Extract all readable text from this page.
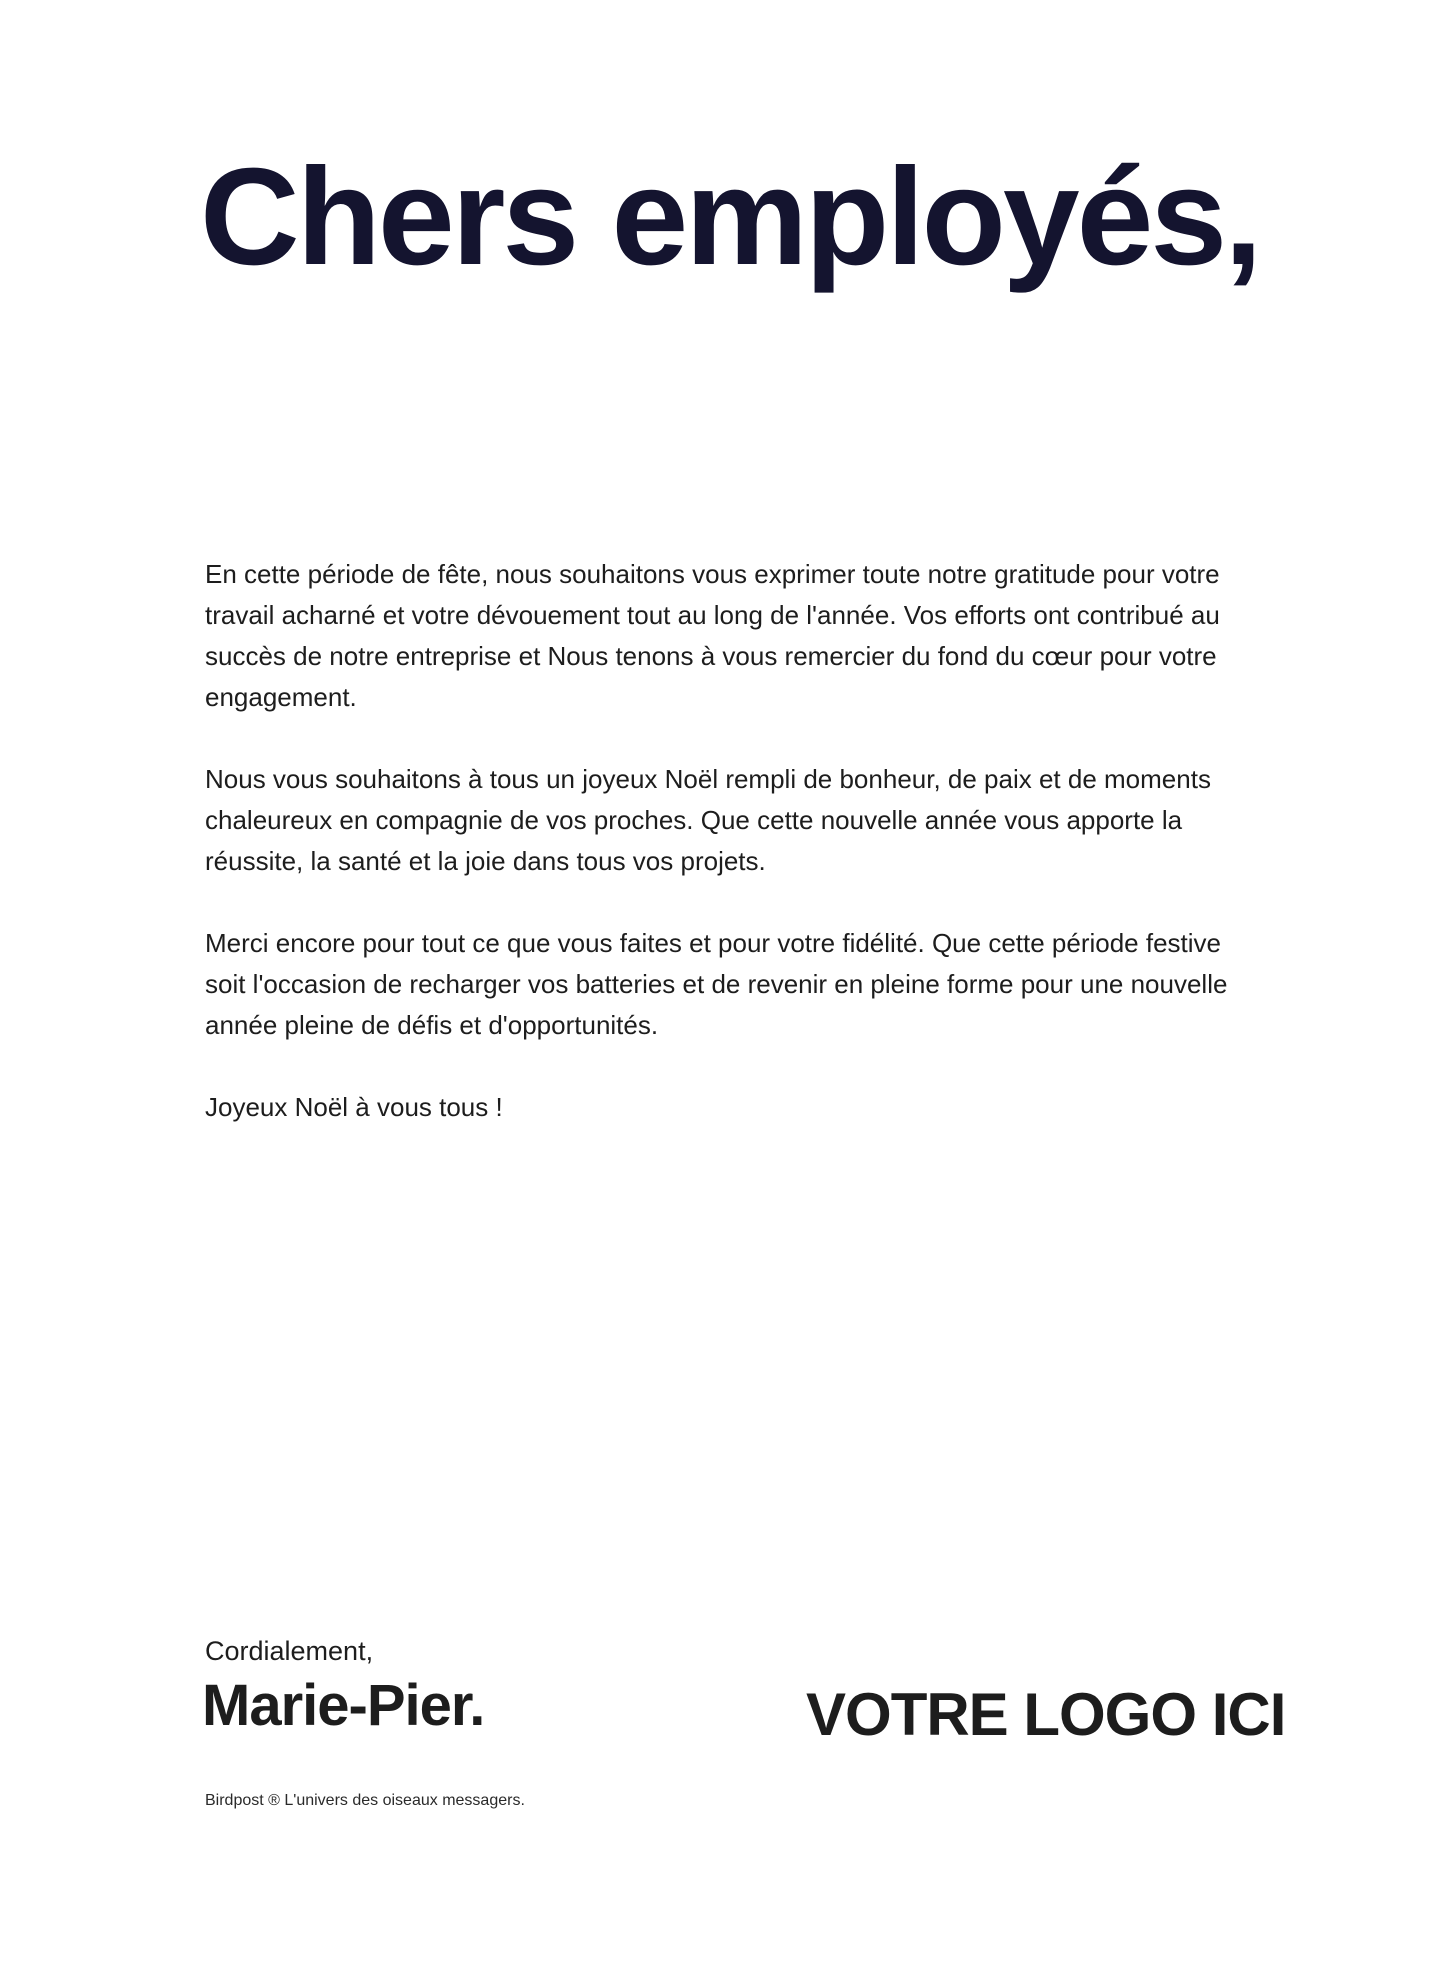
Chers employés,

En cette période de fête, nous souhaitons vous exprimer toute notre gratitude pour votre travail acharné et votre dévouement tout au long de l'année. Vos efforts ont contribué au succès de notre entreprise et Nous tenons à vous remercier du fond du cœur pour votre engagement.

Nous vous souhaitons à tous un joyeux Noël rempli de bonheur, de paix et de moments chaleureux en compagnie de vos proches. Que cette nouvelle année vous apporte la réussite, la santé et la joie dans tous vos projets.

Merci encore pour tout ce que vous faites et pour votre fidélité. Que cette période festive soit l'occasion de recharger vos batteries et de revenir en pleine forme pour une nouvelle année pleine de défis et d'opportunités.

Joyeux Noël à vous tous !

Cordialement,
Marie-Pier.	VOTRE LOGO ICI
Birdpost ® L'univers des oiseaux messagers.
